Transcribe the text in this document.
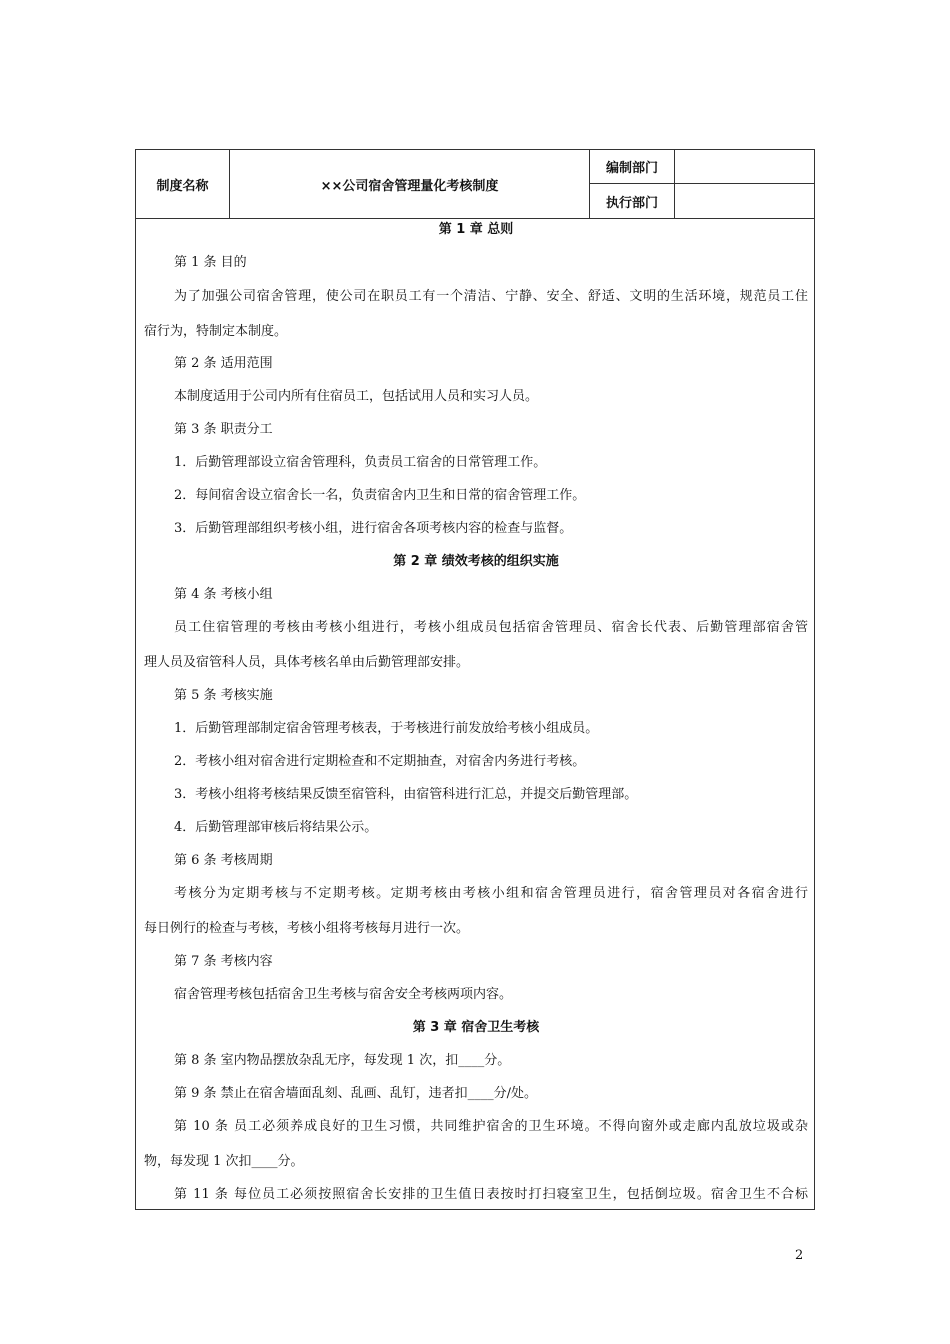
制度名称	××公司宿舍管理量化考核制度
编制部门
执行部门
第 1 章 总则
第 1 条 目的
为了加强公司宿舍管理，使公司在职员工有一个清洁、宁静、安全、舒适、文明的生活环境，规范员工住
宿行为，特制定本制度。
第 2 条 适用范围
本制度适用于公司内所有住宿员工，包括试用人员和实习人员。
第 3 条 职责分工
1．后勤管理部设立宿舍管理科，负责员工宿舍的日常管理工作。
2．每间宿舍设立宿舍长一名，负责宿舍内卫生和日常的宿舍管理工作。
3．后勤管理部组织考核小组，进行宿舍各项考核内容的检查与监督。
第 2 章 绩效考核的组织实施
第 4 条 考核小组
员工住宿管理的考核由考核小组进行，考核小组成员包括宿舍管理员、宿舍长代表、后勤管理部宿舍管
理人员及宿管科人员，具体考核名单由后勤管理部安排。
第 5 条 考核实施
1．后勤管理部制定宿舍管理考核表，于考核进行前发放给考核小组成员。
2．考核小组对宿舍进行定期检查和不定期抽查，对宿舍内务进行考核。
3．考核小组将考核结果反馈至宿管科，由宿管科进行汇总，并提交后勤管理部。
4．后勤管理部审核后将结果公示。
第 6 条 考核周期
考核分为定期考核与不定期考核。定期考核由考核小组和宿舍管理员进行，宿舍管理员对各宿舍进行
每日例行的检查与考核，考核小组将考核每月进行一次。
第 7 条 考核内容
宿舍管理考核包括宿舍卫生考核与宿舍安全考核两项内容。
第 3 章 宿舍卫生考核
第 8 条 室内物品摆放杂乱无序，每发现 1 次，扣____分。
第 9 条 禁止在宿舍墙面乱刻、乱画、乱钉，违者扣____分/处。
第 10 条 员工必须养成良好的卫生习惯，共同维护宿舍的卫生环境。不得向窗外或走廊内乱放垃圾或杂
物，每发现 1 次扣____分。
第 11 条 每位员工必须按照宿舍长安排的卫生值日表按时打扫寝室卫生，包括倒垃圾。宿舍卫生不合标
2
